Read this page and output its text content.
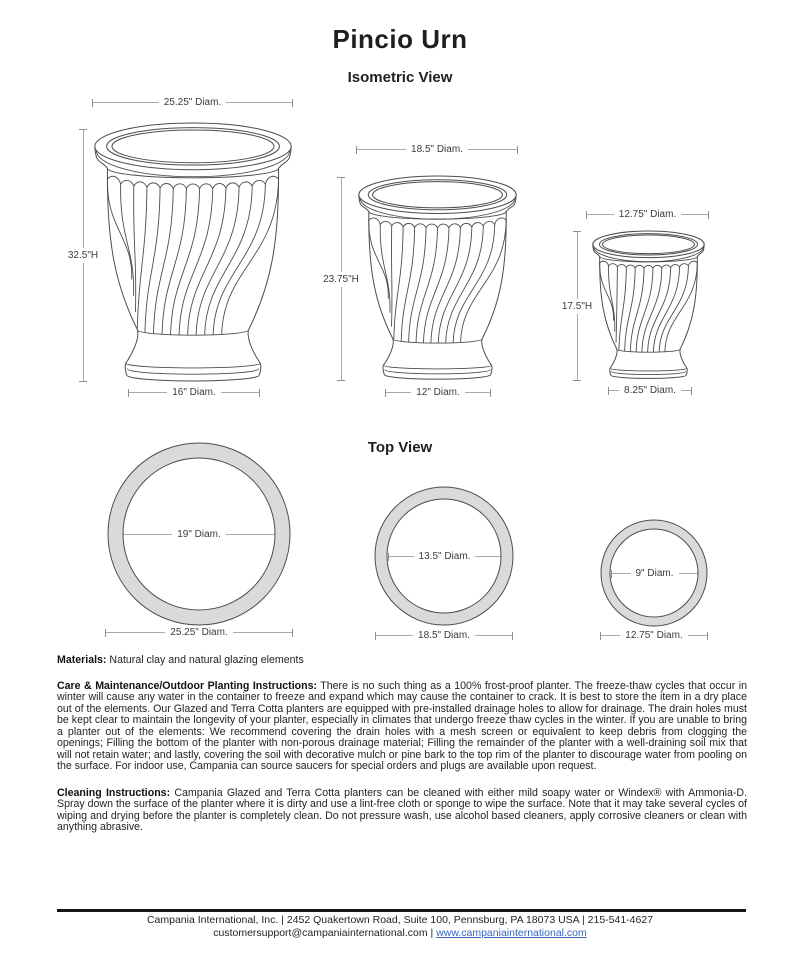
Pincio Urn
Isometric View
25.25" Diam.
18.5" Diam.
12.75" Diam.
32.5"H
23.75"H
17.5"H
16" Diam.	12" Diam.	8.25" Diam.
Top View
19" Diam.
13.5" Diam.
9" Diam.
25.25" Diam.	18.5" Diam.	12.75" Diam.
Materials: Natural clay and natural glazing elements
Care & Maintenance/Outdoor Planting Instructions: There is no such thing as a 100% frost-proof planter. The freeze-thaw cycles that occur in winter will cause any water in the container to freeze and expand which may cause the container to crack. It is best to store the item in a dry place out of the elements. Our Glazed and Terra Cotta planters are equipped with pre-installed drainage holes to allow for drainage. The drain holes must be kept clear to maintain the longevity of your planter, especially in climates that undergo freeze thaw cycles in the winter. If you are unable to bring a planter out of the elements: We recommend covering the drain holes with a mesh screen or equivalent to keep debris from clogging the openings; Filling the bottom of the planter with non-porous drainage material; Filling the remainder of the planter with a well-draining soil mix that will not retain water; and lastly, covering the soil with decorative mulch or pine bark to the top rim of the planter to discourage water from pooling on the surface. For indoor use, Campania can source saucers for special orders and plugs are available upon request.
Cleaning Instructions: Campania Glazed and Terra Cotta planters can be cleaned with either mild soapy water or Windex® with Ammonia-D. Spray down the surface of the planter where it is dirty and use a lint-free cloth or sponge to wipe the surface. Note that it may take several cycles of wiping and drying before the planter is completely clean. Do not pressure wash, use alcohol based cleaners, apply corrosive cleaners or clean with anything abrasive.
Campania International, Inc. | 2452 Quakertown Road, Suite 100, Pennsburg, PA 18073 USA | 215-541-4627
customersupport@campaniainternational.com | www.campaniainternational.com
